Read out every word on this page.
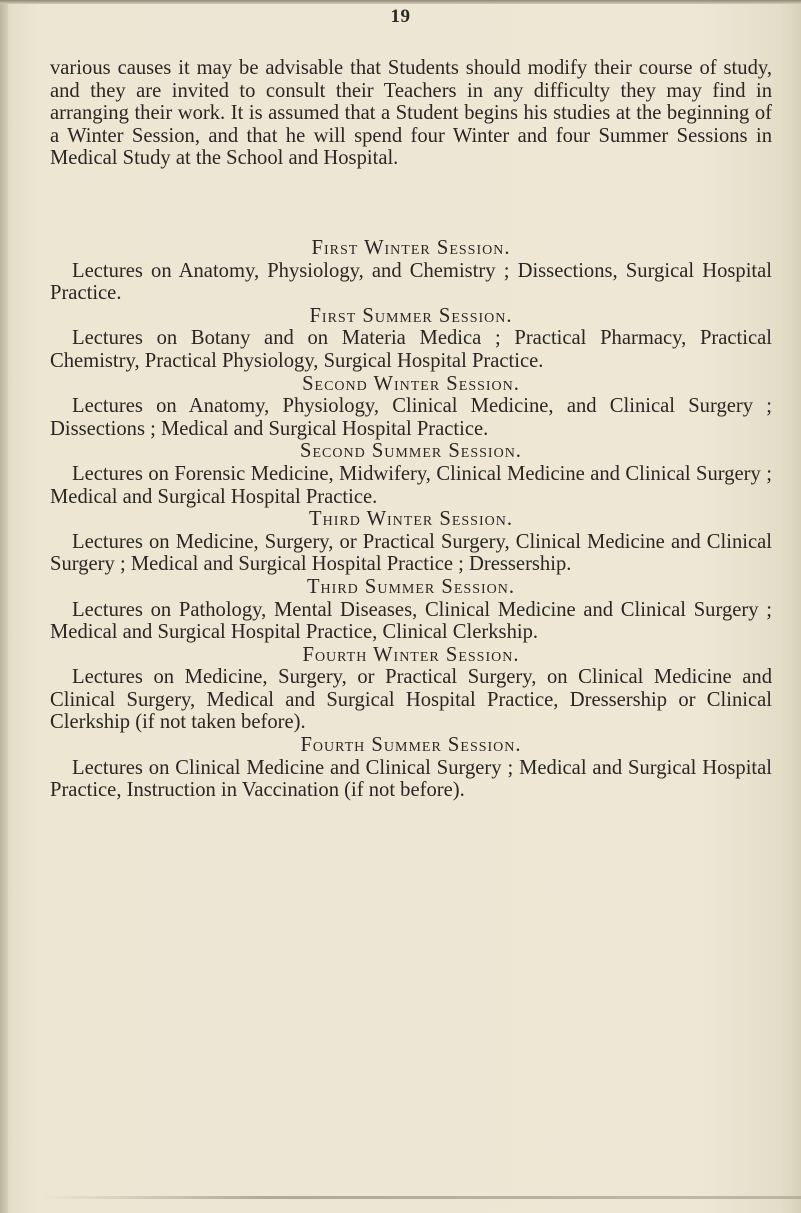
19

various causes it may be advisable that Students should modify their course of study, and they are invited to consult their Teachers in any difficulty they may find in arranging their work. It is assumed that a Student begins his studies at the beginning of a Winter Session, and that he will spend four Winter and four Summer Sessions in Medical Study at the School and Hospital.

First Winter Session.

Lectures on Anatomy, Physiology, and Chemistry ; Dissections, Surgical Hospital Practice.

First Summer Session.

Lectures on Botany and on Materia Medica ; Practical Pharmacy, Practical Chemistry, Practical Physiology, Surgical Hospital Practice.

Second Winter Session.

Lectures on Anatomy, Physiology, Clinical Medicine, and Clinical Surgery ; Dissections ; Medical and Surgical Hospital Practice.

Second Summer Session.

Lectures on Forensic Medicine, Midwifery, Clinical Medicine and Clinical Surgery ; Medical and Surgical Hospital Practice.

Third Winter Session.

Lectures on Medicine, Surgery, or Practical Surgery, Clinical Medicine and Clinical Surgery ; Medical and Surgical Hospital Practice ; Dressership.

Third Summer Session.

Lectures on Pathology, Mental Diseases, Clinical Medicine and Clinical Surgery ; Medical and Surgical Hospital Practice, Clinical Clerkship.

Fourth Winter Session.

Lectures on Medicine, Surgery, or Practical Surgery, on Clinical Medicine and Clinical Surgery, Medical and Surgical Hospital Practice, Dressership or Clinical Clerkship (if not taken before).

Fourth Summer Session.

Lectures on Clinical Medicine and Clinical Surgery ; Medical and Surgical Hospital Practice, Instruction in Vaccination (if not before).
